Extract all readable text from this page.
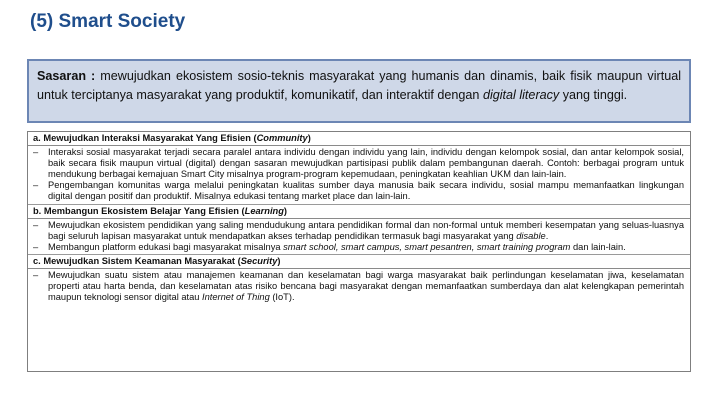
(5) Smart Society
Sasaran : mewujudkan ekosistem sosio-teknis masyarakat yang humanis dan dinamis, baik fisik maupun virtual untuk terciptanya masyarakat yang produktif, komunikatif, dan interaktif dengan digital literacy yang tinggi.
a. Mewujudkan Interaksi Masyarakat Yang Efisien (Community)
– Interaksi sosial masyarakat terjadi secara paralel antara individu dengan individu yang lain, individu dengan kelompok sosial, dan antar kelompok sosial, baik secara fisik maupun virtual (digital) dengan sasaran mewujudkan partisipasi publik dalam pembangunan daerah. Contoh: berbagai program untuk mendukung berbagai kemajuan Smart City misalnya program-program kepemudaan, peningkatan keahlian UKM dan lain-lain.
– Pengembangan komunitas warga melalui peningkatan kualitas sumber daya manusia baik secara individu, sosial mampu memanfaatkan lingkungan digital dengan positif dan produktif. Misalnya edukasi tentang market place dan lain-lain.
b. Membangun Ekosistem Belajar Yang Efisien (Learning)
– Mewujudkan ekosistem pendidikan yang saling mendudukung antara pendidikan formal dan non-formal untuk memberi kesempatan yang seluas-luasnya bagi seluruh lapisan masyarakat untuk mendapatkan akses terhadap pendidikan termasuk bagi masyarakat yang disable.
– Membangun platform edukasi bagi masyarakat misalnya smart school, smart campus, smart pesantren, smart training program dan lain-lain.
c. Mewujudkan Sistem Keamanan Masyarakat (Security)
– Mewujudkan suatu sistem atau manajemen keamanan dan keselamatan bagi warga masyarakat baik perlindungan keselamatan jiwa, keselamatan properti atau harta benda, dan keselamatan atas risiko bencana bagi masyarakat dengan memanfaatkan sumberdaya dan alat kelengkapan pemerintah maupun teknologi sensor digital atau Internet of Thing (IoT).
